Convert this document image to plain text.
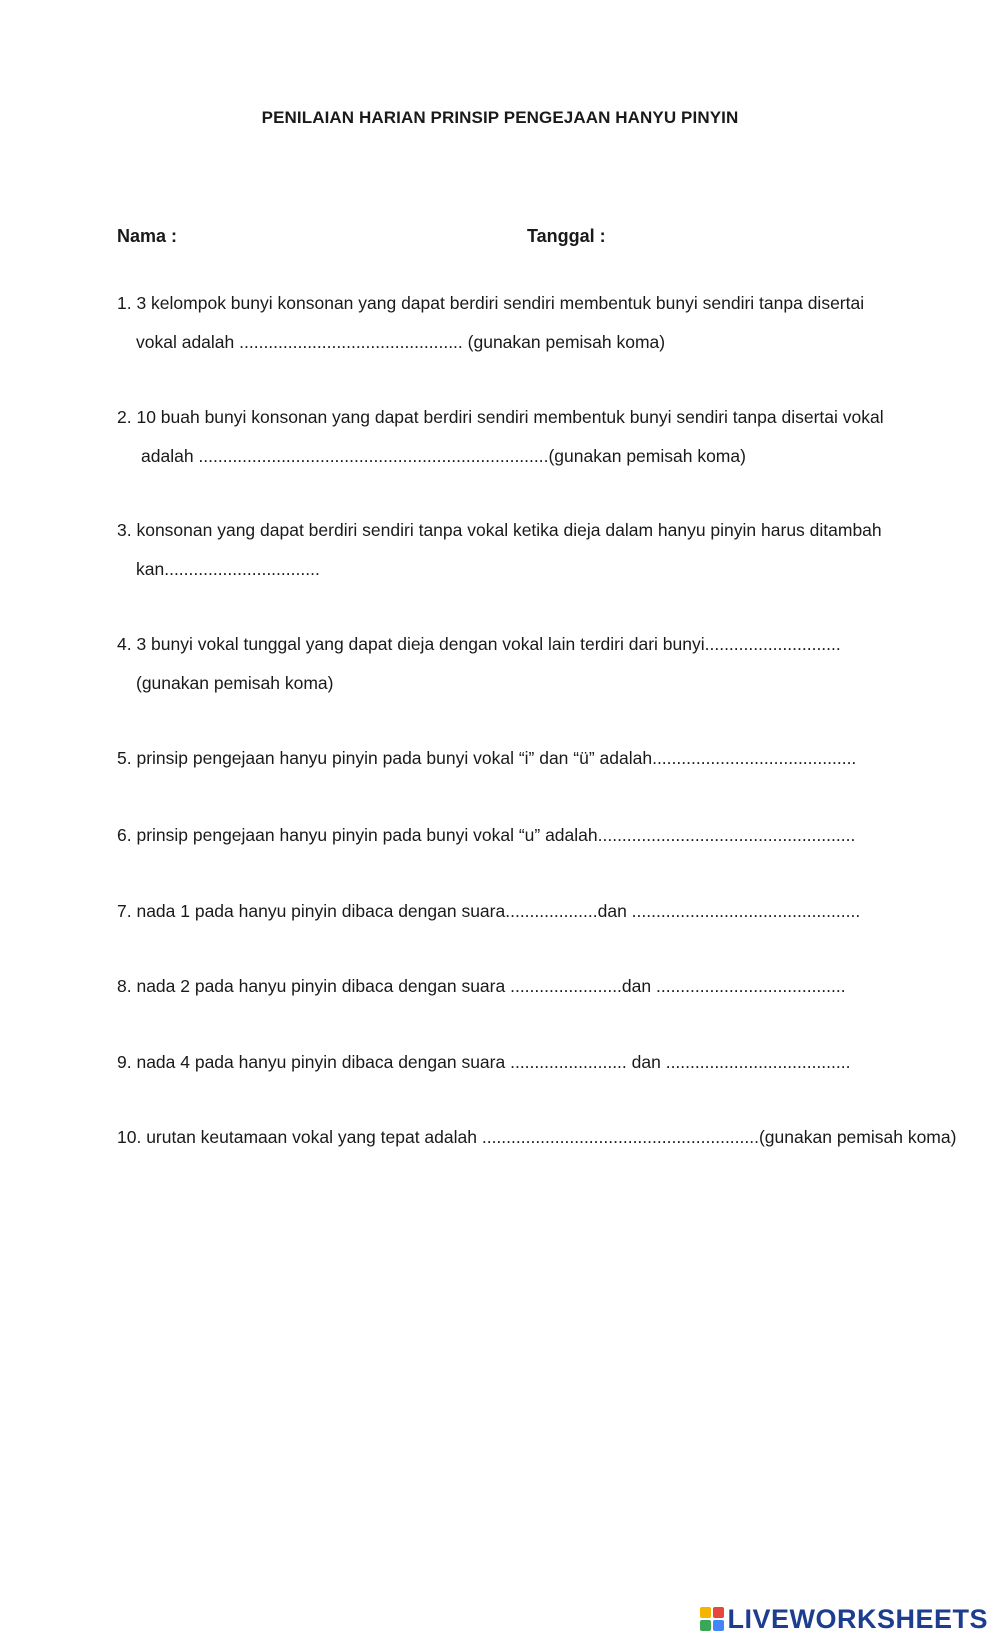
PENILAIAN HARIAN PRINSIP PENGEJAAN HANYU PINYIN
Nama :	Tanggal :
1. 3 kelompok bunyi konsonan yang dapat berdiri sendiri membentuk bunyi sendiri tanpa disertai
vokal adalah .............................................. (gunakan pemisah koma)
2. 10 buah bunyi konsonan yang dapat berdiri sendiri membentuk bunyi sendiri tanpa disertai vokal
adalah ........................................................................(gunakan pemisah koma)
3. konsonan yang dapat berdiri sendiri tanpa vokal ketika dieja dalam hanyu pinyin harus ditambah
kan................................
4. 3 bunyi vokal tunggal yang dapat dieja dengan vokal lain terdiri dari bunyi............................
(gunakan pemisah koma)
5. prinsip pengejaan hanyu pinyin pada bunyi vokal “i” dan “ü” adalah..........................................
6. prinsip pengejaan hanyu pinyin pada bunyi vokal “u” adalah.....................................................
7. nada 1 pada hanyu pinyin dibaca dengan suara...................dan ...............................................
8. nada 2 pada hanyu pinyin dibaca dengan suara .......................dan .......................................
9. nada 4 pada hanyu pinyin dibaca dengan suara ........................ dan ......................................
10. urutan keutamaan vokal yang tepat adalah .........................................................(gunakan pemisah koma)
LIVEWORKSHEETS
